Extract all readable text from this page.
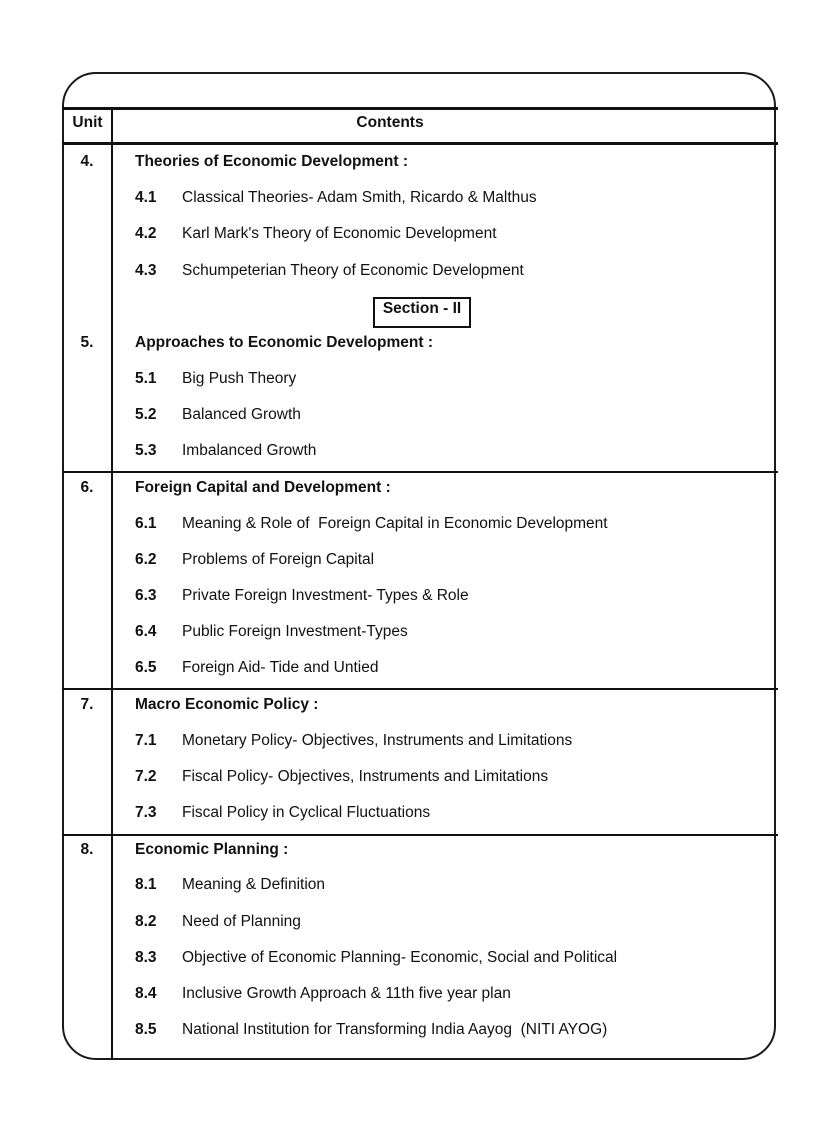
Unit	Contents
4.	Theories of Economic Development :
4.1 Classical Theories- Adam Smith, Ricardo & Malthus
4.2 Karl Mark's Theory of Economic Development
4.3 Schumpeterian Theory of Economic Development
Section - II
5.	Approaches to Economic Development :
5.1 Big Push Theory
5.2 Balanced Growth
5.3 Imbalanced Growth
6.	Foreign Capital and Development :
6.1 Meaning & Role of  Foreign Capital in Economic Development
6.2 Problems of Foreign Capital
6.3 Private Foreign Investment- Types & Role
6.4 Public Foreign Investment-Types
6.5 Foreign Aid- Tide and Untied
7.	Macro Economic Policy :
7.1 Monetary Policy- Objectives, Instruments and Limitations
7.2 Fiscal Policy- Objectives, Instruments and Limitations
7.3 Fiscal Policy in Cyclical Fluctuations
8.	Economic Planning :
8.1 Meaning & Definition
8.2 Need of Planning
8.3 Objective of Economic Planning- Economic, Social and Political
8.4 Inclusive Growth Approach & 11th five year plan
8.5 National Institution for Transforming India Aayog  (NITI AYOG)
